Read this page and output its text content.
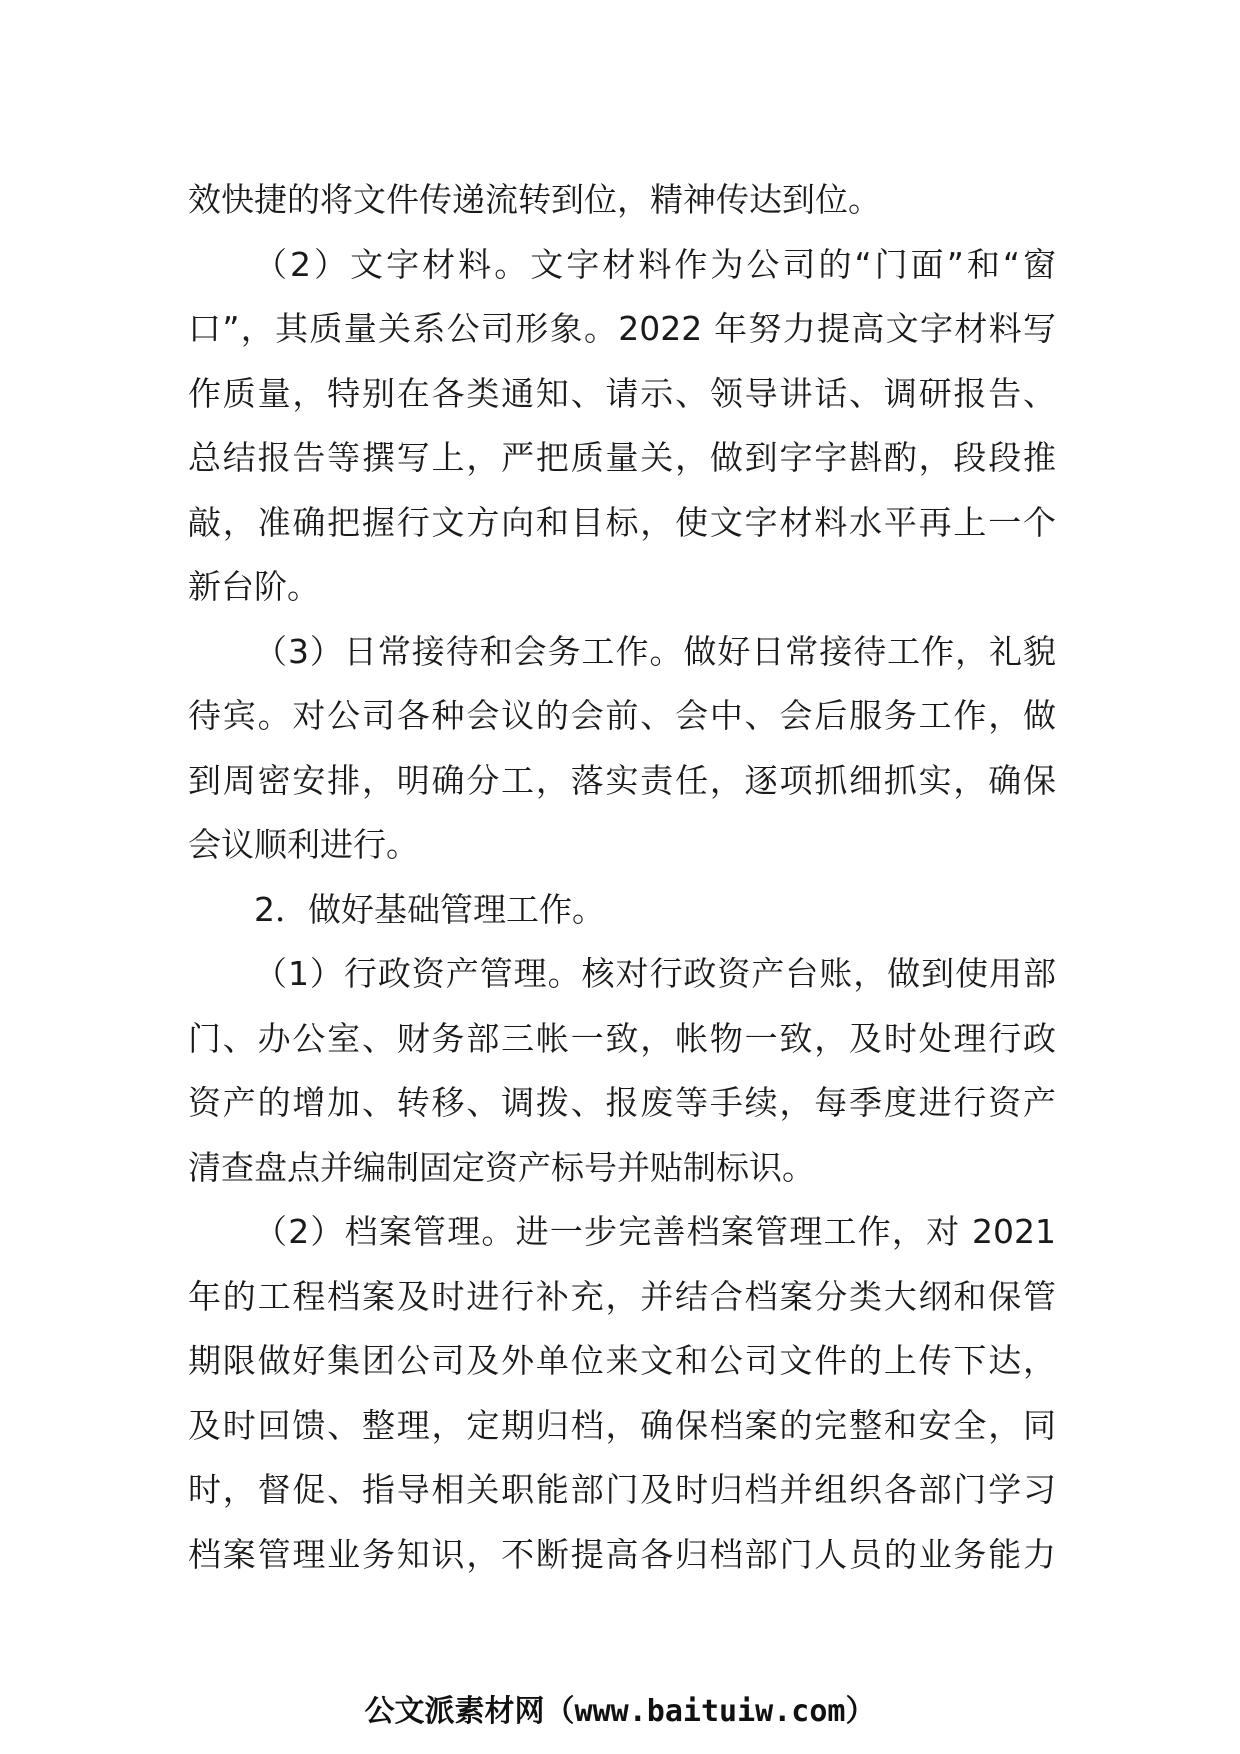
效快捷的将文件传递流转到位，精神传达到位。
（2）文字材料。文字材料作为公司的“门面”和“窗
口”，其质量关系公司形象。2022 年努力提高文字材料写
作质量，特别在各类通知、请示、领导讲话、调研报告、
总结报告等撰写上，严把质量关，做到字字斟酌，段段推
敲，准确把握行文方向和目标，使文字材料水平再上一个
新台阶。
（3）日常接待和会务工作。做好日常接待工作，礼貌
待宾。对公司各种会议的会前、会中、会后服务工作，做
到周密安排，明确分工，落实责任，逐项抓细抓实，确保
会议顺利进行。
2．做好基础管理工作。
（1）行政资产管理。核对行政资产台账，做到使用部
门、办公室、财务部三帐一致，帐物一致，及时处理行政
资产的增加、转移、调拨、报废等手续，每季度进行资产
清查盘点并编制固定资产标号并贴制标识。
（2）档案管理。进一步完善档案管理工作，对 2021
年的工程档案及时进行补充，并结合档案分类大纲和保管
期限做好集团公司及外单位来文和公司文件的上传下达，
及时回馈、整理，定期归档，确保档案的完整和安全，同
时，督促、指导相关职能部门及时归档并组织各部门学习
档案管理业务知识，不断提高各归档部门人员的业务能力
公文派素材网（www.baituiw.com）
